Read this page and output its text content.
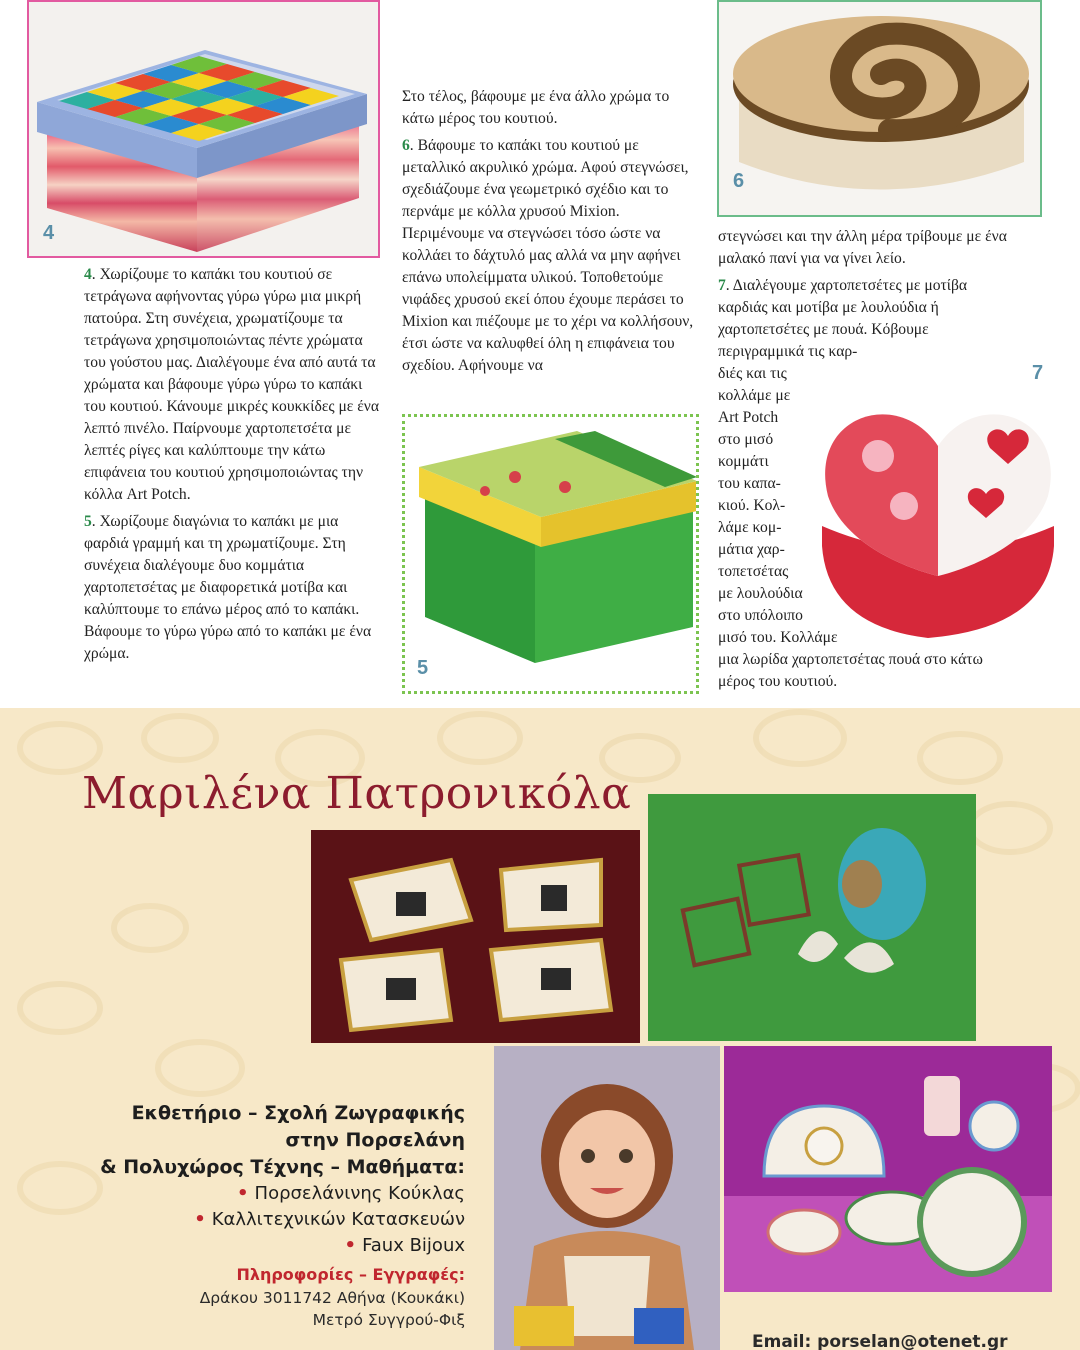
4
6
5
7

4. Χωρίζουμε το καπάκι του κουτιού σε τετράγωνα αφήνοντας γύρω γύρω μια μικρή πατούρα. Στη συνέχεια, χρωματίζουμε τα τετράγωνα χρησιμοποιώντας πέντε χρώματα του γούστου μας. Διαλέγουμε ένα από αυτά τα χρώματα και βάφουμε γύρω γύρω το καπάκι του κουτιού. Κάνουμε μικρές κουκκίδες με ένα λεπτό πινέλο. Παίρνουμε χαρτοπετσέτα με λεπτές ρίγες και καλύπτουμε την κάτω επιφάνεια του κουτιού χρησιμοποιώντας την κόλλα Art Potch.

5. Χωρίζουμε διαγώνια το καπάκι με μια φαρδιά γραμμή και τη χρωματίζουμε. Στη συνέχεια διαλέγουμε δυο κομμάτια χαρτοπετσέτας με διαφορετικά μοτίβα και καλύπτουμε το επάνω μέρος από το καπάκι. Βάφουμε το γύρω γύρω από το καπάκι με ένα χρώμα.

Στο τέλος, βάφουμε με ένα άλλο χρώμα το κάτω μέρος του κουτιού.

6. Βάφουμε το καπάκι του κουτιού με μεταλλικό ακρυλικό χρώμα. Αφού στεγνώσει, σχεδιάζουμε ένα γεωμετρικό σχέδιο και το περνάμε με κόλλα χρυσού Mixion. Περιμένουμε να στεγνώσει τόσο ώστε να κολλάει το δάχτυλό μας αλλά να μην αφήνει επάνω υπολείμματα υλικού. Τοποθετούμε νιφάδες χρυσού εκεί όπου έχουμε περάσει το Mixion και πιέζουμε με το χέρι να κολλήσουν, έτσι ώστε να καλυφθεί όλη η επιφάνεια του σχεδίου. Αφήνουμε να

στεγνώσει και την άλλη μέρα τρίβουμε με ένα μαλακό πανί για να γίνει λείο.

7. Διαλέγουμε χαρτοπετσέτες με μοτίβα καρδιάς και μοτίβα με λουλούδια ή χαρτοπετσέτες με πουά. Κόβουμε περιγραμμικά τις καρ-

διές και τις
κολλάμε με
Art Potch
στο μισό
κομμάτι
του καπα-
κιού. Κολ-
λάμε κομ-
μάτια χαρ-
τοπετσέτας
με λουλούδια
στο υπόλοιπο
μισό του. Κολλάμε

μια λωρίδα χαρτοπετσέτας πουά στο κάτω μέρος του κουτιού.

Μαριλένα Πατρονικόλα
Εκθετήριο – Σχολή Ζωγραφικής
στην Πορσελάνη
& Πολυχώρος Τέχνης – Μαθήματα:
• Πορσελάνινης Κούκλας
• Καλλιτεχνικών Κατασκευών
• Faux Bijoux
Πληροφορίες – Εγγραφές:
Δράκου 3011742 Αθήνα (Κουκάκι)
Μετρό Συγγρού-Φιξ
Email: porselan@otenet.gr
